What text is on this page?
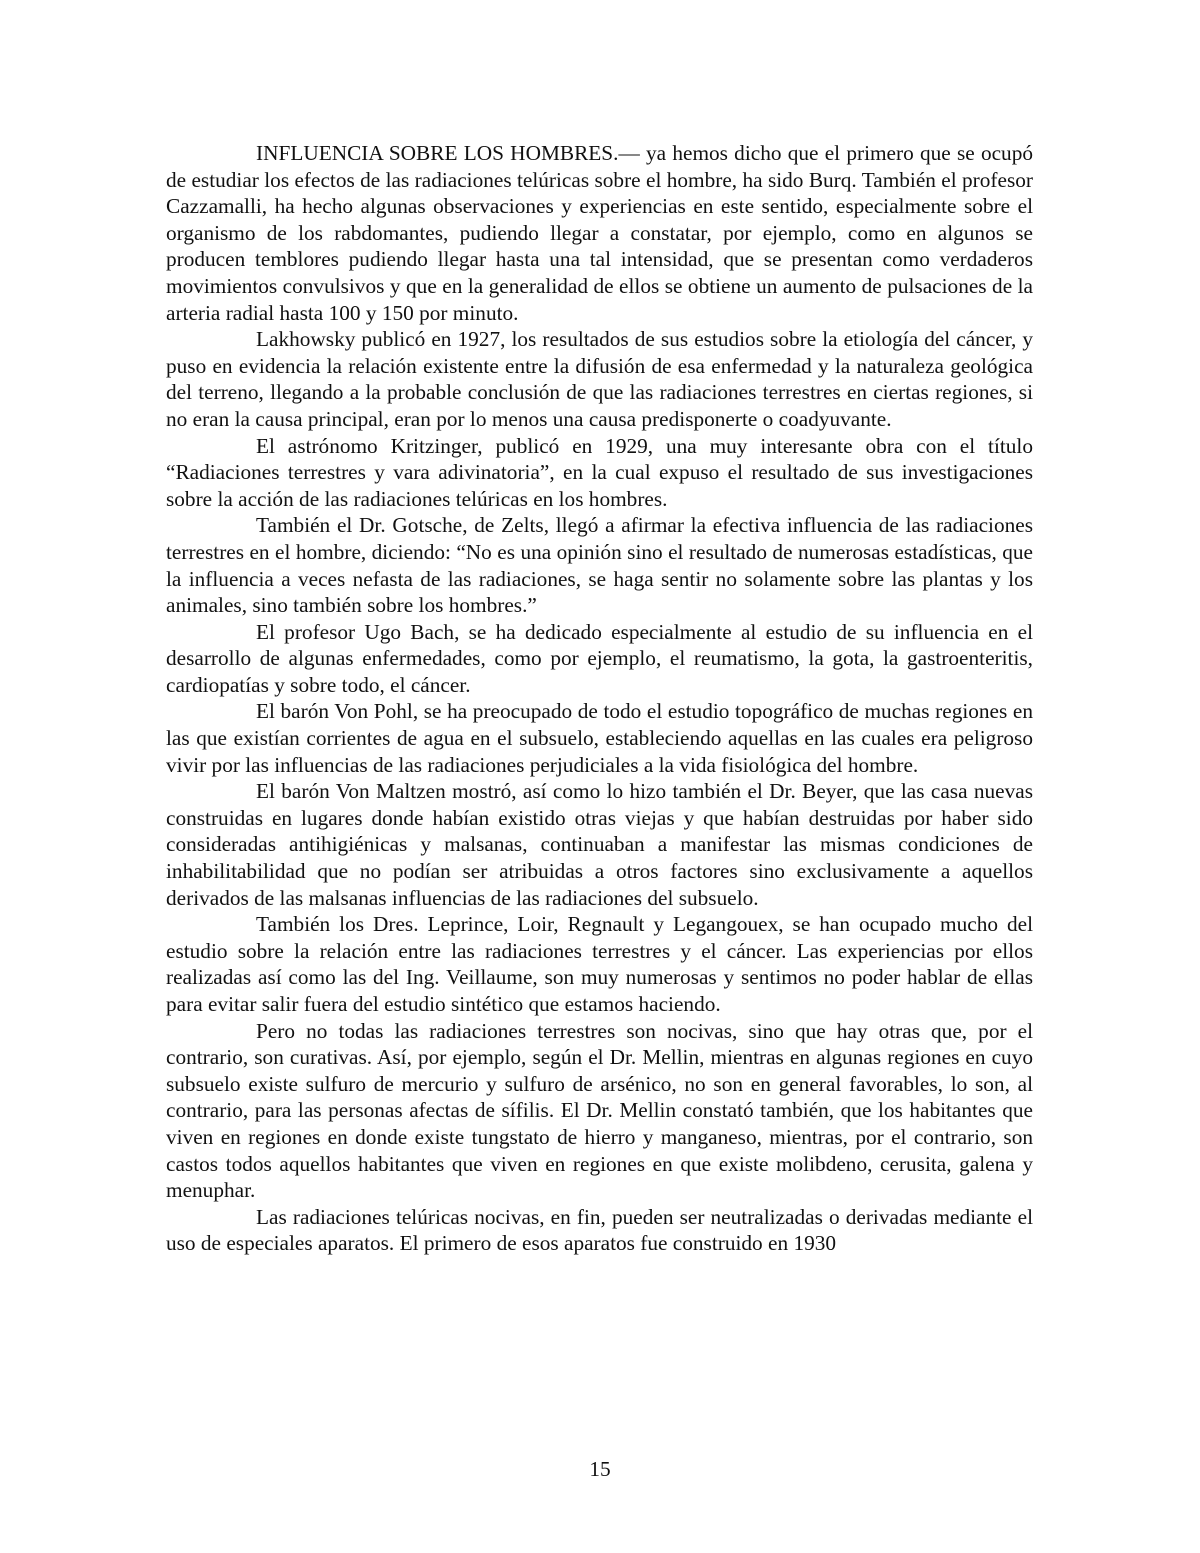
INFLUENCIA SOBRE LOS HOMBRES.— ya hemos dicho que el primero que se ocupó de estudiar los efectos de las radiaciones telúricas sobre el hombre, ha sido Burq. También el profesor Cazzamalli, ha hecho algunas observaciones y experiencias en este sentido, especialmente sobre el organismo de los rabdomantes, pudiendo llegar a constatar, por ejemplo, como en algunos se producen temblores pudiendo llegar hasta una tal intensidad, que se presentan como verdaderos movimientos convulsivos y que en la generalidad de ellos se obtiene un aumento de pulsaciones de la arteria radial hasta 100 y 150 por minuto.

Lakhowsky publicó en 1927, los resultados de sus estudios sobre la etiología del cáncer, y puso en evidencia la relación existente entre la difusión de esa enfermedad y la naturaleza geológica del terreno, llegando a la probable conclusión de que las radiaciones terrestres en ciertas regiones, si no eran la causa principal, eran por lo menos una causa predisponerte o coadyuvante.

El astrónomo Kritzinger, publicó en 1929, una muy interesante obra con el título “Radiaciones terrestres y vara adivinatoria”, en la cual expuso el resultado de sus investigaciones sobre la acción de las radiaciones telúricas en los hombres.

También el Dr. Gotsche, de Zelts, llegó a afirmar la efectiva influencia de las radiaciones terrestres en el hombre, diciendo: “No es una opinión sino el resultado de numerosas estadísticas, que la influencia a veces nefasta de las radiaciones, se haga sentir no solamente sobre las plantas y los animales, sino también sobre los hombres.”

El profesor Ugo Bach, se ha dedicado especialmente al estudio de su influencia en el desarrollo de algunas enfermedades, como por ejemplo, el reumatismo, la gota, la gastroenteritis, cardiopatías y sobre todo, el cáncer.

El barón Von Pohl, se ha preocupado de todo el estudio topográfico de muchas regiones en las que existían corrientes de agua en el subsuelo, estableciendo aquellas en las cuales era peligroso vivir por las influencias de las radiaciones perjudiciales a la vida fisiológica del hombre.

El barón Von Maltzen mostró, así como lo hizo también el Dr. Beyer, que las casa nuevas construidas en lugares donde habían existido otras viejas y que habían destruidas por haber sido consideradas antihigiénicas y malsanas, continuaban a manifestar las mismas condiciones de inhabilitabilidad que no podían ser atribuidas a otros factores sino exclusivamente a aquellos derivados de las malsanas influencias de las radiaciones del subsuelo.

También los Dres. Leprince, Loir, Regnault y Legangouex, se han ocupado mucho del estudio sobre la relación entre las radiaciones terrestres y el cáncer. Las experiencias por ellos realizadas así como las del Ing. Veillaume, son muy numerosas y sentimos no poder hablar de ellas para evitar salir fuera del estudio sintético que estamos haciendo.

Pero no todas las radiaciones terrestres son nocivas, sino que hay otras que, por el contrario, son curativas. Así, por ejemplo, según el Dr. Mellin, mientras en algunas regiones en cuyo subsuelo existe sulfuro de mercurio y sulfuro de arsénico, no son en general favorables, lo son, al contrario, para las personas afectas de sífilis. El Dr. Mellin constató también, que los habitantes que viven en regiones en donde existe tungstato de hierro y manganeso, mientras, por el contrario, son castos todos aquellos habitantes que viven en regiones en que existe molibdeno, cerusita, galena y menuphar.

Las radiaciones telúricas nocivas, en fin, pueden ser neutralizadas o derivadas mediante el uso de especiales aparatos. El primero de esos aparatos fue construido en 1930

15
